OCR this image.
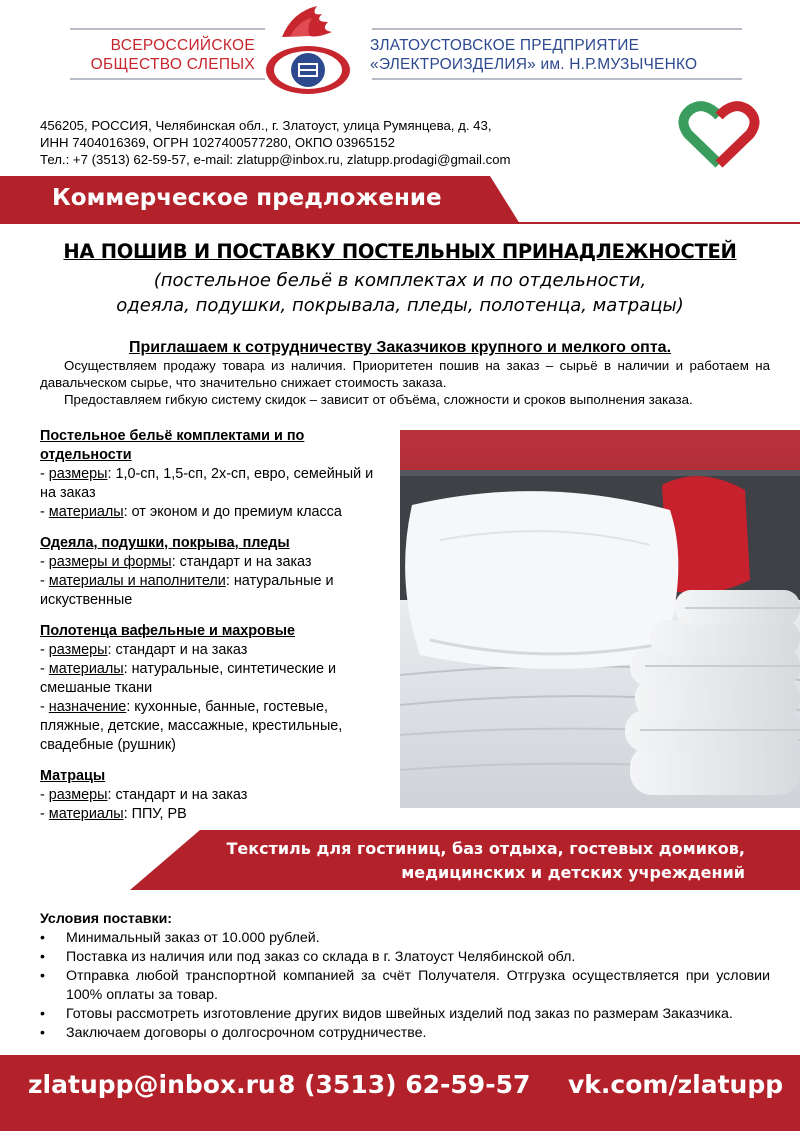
ВСЕРОССИЙСКОЕ
ОБЩЕСТВО СЛЕПЫХ
ЗЛАТОУСТОВСКОЕ ПРЕДПРИЯТИЕ
«ЭЛЕКТРОИЗДЕЛИЯ» им. Н.Р.МУЗЫЧЕНКО
456205, РОССИЯ, Челябинская обл., г. Златоуст, улица Румянцева, д. 43,
ИНН 7404016369, ОГРН 1027400577280, ОКПО 03965152
Тел.: +7 (3513) 62-59-57, e-mail: zlatupp@inbox.ru, zlatupp.prodagi@gmail.com
Коммерческое предложение
НА ПОШИВ И ПОСТАВКУ ПОСТЕЛЬНЫХ ПРИНАДЛЕЖНОСТЕЙ
(постельное бельё в комплектах и по отдельности,
одеяла, подушки, покрывала, пледы, полотенца, матрацы)
Приглашаем к сотрудничеству Заказчиков крупного и мелкого опта.

Осуществляем продажу товара из наличия. Приоритетен пошив на заказ – сырьё в наличии и работаем на давальческом сырье, что значительно снижает стоимость заказа.

Предоставляем гибкую систему скидок – зависит от объёма, сложности и сроков выполнения заказа.

Постельное бельё комплектами и по отдельности
- размеры: 1,0-сп, 1,5-сп, 2х-сп, евро, семейный и на заказ
- материалы: от эконом и до премиум класса
Одеяла, подушки, покрыва, пледы
- размеры и формы: стандарт и на заказ
- материалы и наполнители: натуральные и искуственные
Полотенца вафельные и махровые
- размеры: стандарт и на заказ
- материалы: натуральные, синтетические и смешаные ткани
- назначение: кухонные, банные, гостевые, пляжные, детские, массажные, крестильные, свадебные (рушник)
Матрацы
- размеры: стандарт и на заказ
- материалы: ППУ, РВ
Текстиль для гостиниц, баз отдыха, гостевых домиков,
медицинских и детских учреждений
Условия поставки:
• Минимальный заказ от 10.000 рублей.
• Поставка из наличия или под заказ со склада в г. Златоуст Челябинской обл.
• Отправка любой транспортной компанией за счёт Получателя. Отгрузка осуществляется при условии 100% оплаты за товар.
• Готовы рассмотреть изготовление других видов швейных изделий под заказ по размерам Заказчика.
• Заключаем договоры о долгосрочном сотрудничестве.
zlatupp@inbox.ru 8 (3513) 62-59-57 vk.com/zlatupp
